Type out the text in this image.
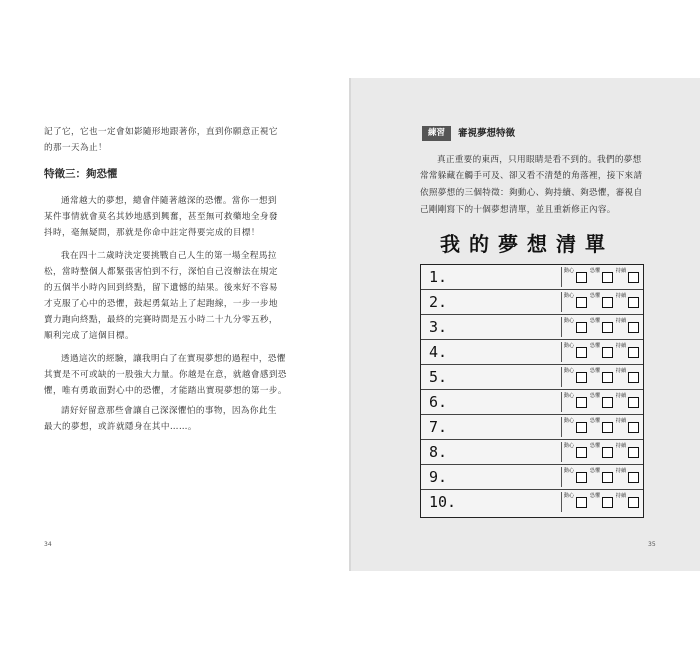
記了它，它也一定會如影隨形地跟著你，直到你願意正視它

的那一天為止！

特徵三：夠恐懼

通常越大的夢想，總會伴隨著越深的恐懼。當你一想到

某件事情就會莫名其妙地感到興奮，甚至無可救藥地全身發

抖時，毫無疑問，那就是你命中註定得要完成的目標！

我在四十二歲時決定要挑戰自己人生的第一場全程馬拉

松，當時整個人都緊張害怕到不行，深怕自己沒辦法在規定

的五個半小時內回到終點，留下遺憾的結果。後來好不容易

才克服了心中的恐懼，鼓起勇氣站上了起跑線，一步一步地

賣力跑向終點，最終的完賽時間是五小時二十九分零五秒，

順利完成了這個目標。

透過這次的經驗，讓我明白了在實現夢想的過程中，恐懼

其實是不可或缺的一股強大力量。你越是在意，就越會感到恐

懼，唯有勇敢面對心中的恐懼，才能踏出實現夢想的第一步。

請好好留意那些會讓自己深深懼怕的事物，因為你此生

最大的夢想，或許就隱身在其中……。

34
練習	審視夢想特徵

真正重要的東西，只用眼睛是看不到的。我們的夢想

常常躲藏在觸手可及、卻又看不清楚的角落裡，接下來請

依照夢想的三個特徵：夠動心、夠持續、夠恐懼，審視自

己剛剛寫下的十個夢想清單，並且重新修正內容。

我的夢想清單
1.	動心	恐懼	持續
2.	動心	恐懼	持續
3.	動心	恐懼	持續
4.	動心	恐懼	持續
5.	動心	恐懼	持續
6.	動心	恐懼	持續
7.	動心	恐懼	持續
8.	動心	恐懼	持續
9.	動心	恐懼	持續
10.	動心	恐懼	持續
35
